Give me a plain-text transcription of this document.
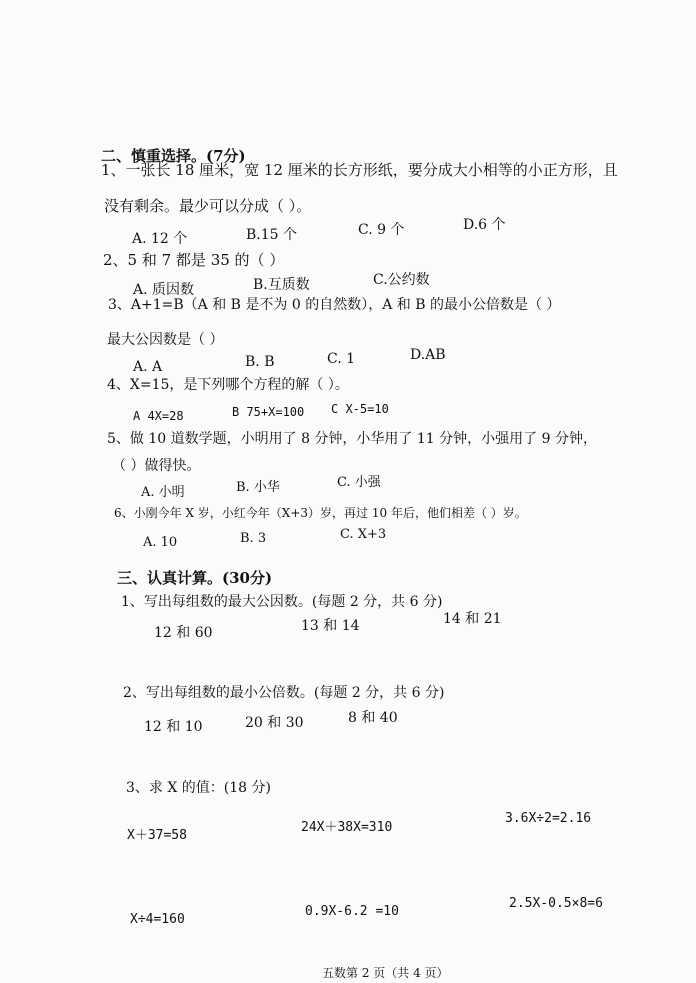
二、慎重选择。(7分)
1、一张长 18 厘米，宽 12 厘米的长方形纸，要分成大小相等的小正方形，且
没有剩余。最少可以分成（ ）。
A. 12 个	B.15 个	C. 9 个	D.6 个
2、5 和 7 都是 35 的（ ）
A. 质因数	B.互质数	C.公约数
3、A+1=B（A 和 B 是不为 0 的自然数），A 和 B 的最小公倍数是（ ）
最大公因数是（ ）
A. A	B. B	C. 1	D.AB
4、X=15，是下列哪个方程的解（ ）。
A 4X=28	B 75+X=100 C X-5=10
5、做 10 道数学题，小明用了 8 分钟，小华用了 11 分钟，小强用了 9 分钟，
（ ）做得快。
A. 小明	B. 小华	C. 小强
6、小刚今年 X 岁，小红今年（X+3）岁，再过 10 年后，他们相差（ ）岁。
A. 10	B. 3	C. X+3
三、认真计算。(30分)
1、写出每组数的最大公因数。(每题 2 分，共 6 分)
12 和 60	13 和 14	14 和 21
2、写出每组数的最小公倍数。(每题 2 分，共 6 分)
12 和 10	20 和 30	8 和 40
3、求 X 的值：(18 分)
X＋37=58
24X＋38X=310
3.6X÷2=2.16
X÷4=160
0.9X-6.2 =10
2.5X-0.5×8=6
五数第 2 页（共 4 页）
